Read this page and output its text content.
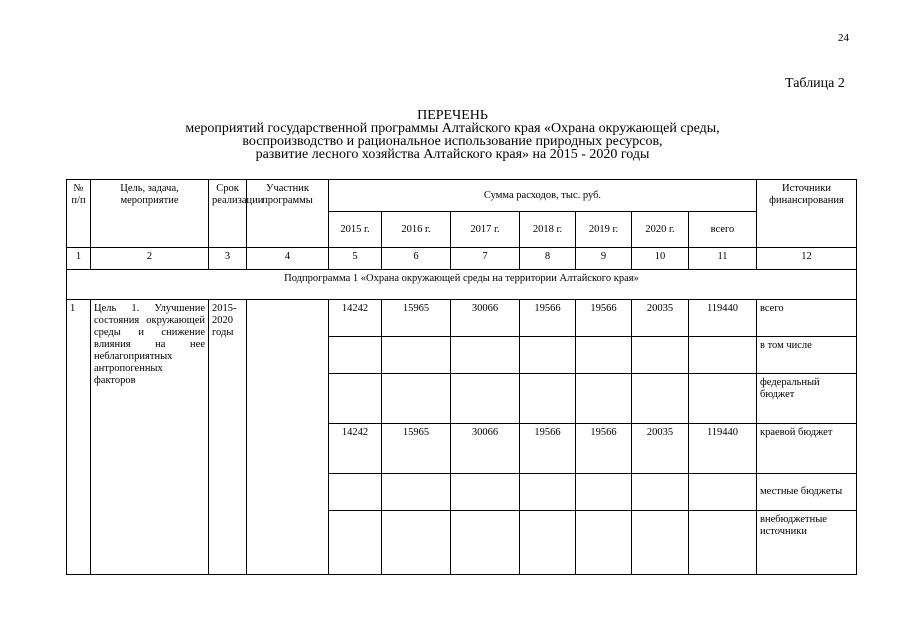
24
Таблица 2
ПЕРЕЧЕНЬ
мероприятий государственной программы Алтайского края «Охрана окружающей среды,
воспроизводство и рациональное использование природных ресурсов,
развитие лесного хозяйства Алтайского края» на 2015 - 2020 годы
№ п/п	Цель, задача, мероприятие	Срок реализации	Участник программы	Сумма расходов, тыс. руб.							Источники финансирования
				2015 г.	2016 г.	2017 г.	2018 г.	2019 г.	2020 г.	всего	
1	2	3	4	5	6	7	8	9	10	11	12
Подпрограмма 1 «Охрана окружающей среды на территории Алтайского края»											
1	Цель 1. Улучшение состояния окружающей среды и снижение влияния на нее неблагоприятных антропогенных факторов	2015-2020 годы		14242	15965	30066	19566	19566	20035	119440	всего
											в том числе
											федеральный бюджет
				14242	15965	30066	19566	19566	20035	119440	краевой бюджет
											местные бюджеты
											внебюджетные источники
